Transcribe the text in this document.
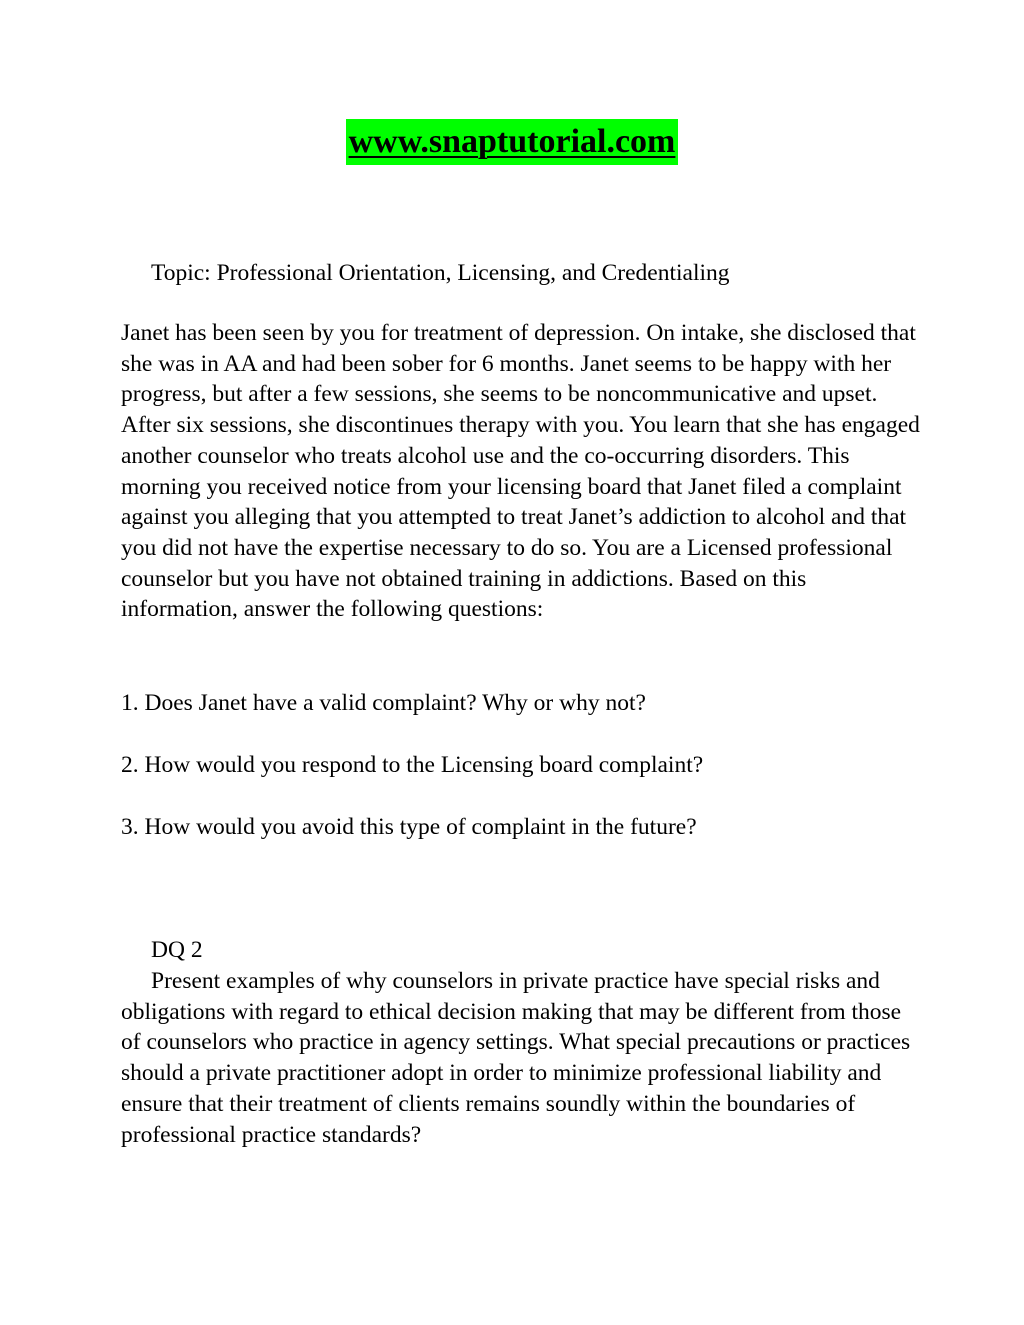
www.snaptutorial.com

Topic: Professional Orientation, Licensing, and Credentialing

Janet has been seen by you for treatment of depression. On intake, she disclosed that she was in AA and had been sober for 6 months. Janet seems to be happy with her progress, but after a few sessions, she seems to be noncommunicative and upset. After six sessions, she discontinues therapy with you. You learn that she has engaged another counselor who treats alcohol use and the co-occurring disorders. This morning you received notice from your licensing board that Janet filed a complaint against you alleging that you attempted to treat Janet’s addiction to alcohol and that you did not have the expertise necessary to do so. You are a Licensed professional counselor but you have not obtained training in addictions. Based on this information, answer the following questions:

1. Does Janet have a valid complaint? Why or why not?

2. How would you respond to the Licensing board complaint?

3. How would you avoid this type of complaint in the future?

DQ 2

Present examples of why counselors in private practice have special risks and obligations with regard to ethical decision making that may be different from those of counselors who practice in agency settings. What special precautions or practices should a private practitioner adopt in order to minimize professional liability and ensure that their treatment of clients remains soundly within the boundaries of professional practice standards?
